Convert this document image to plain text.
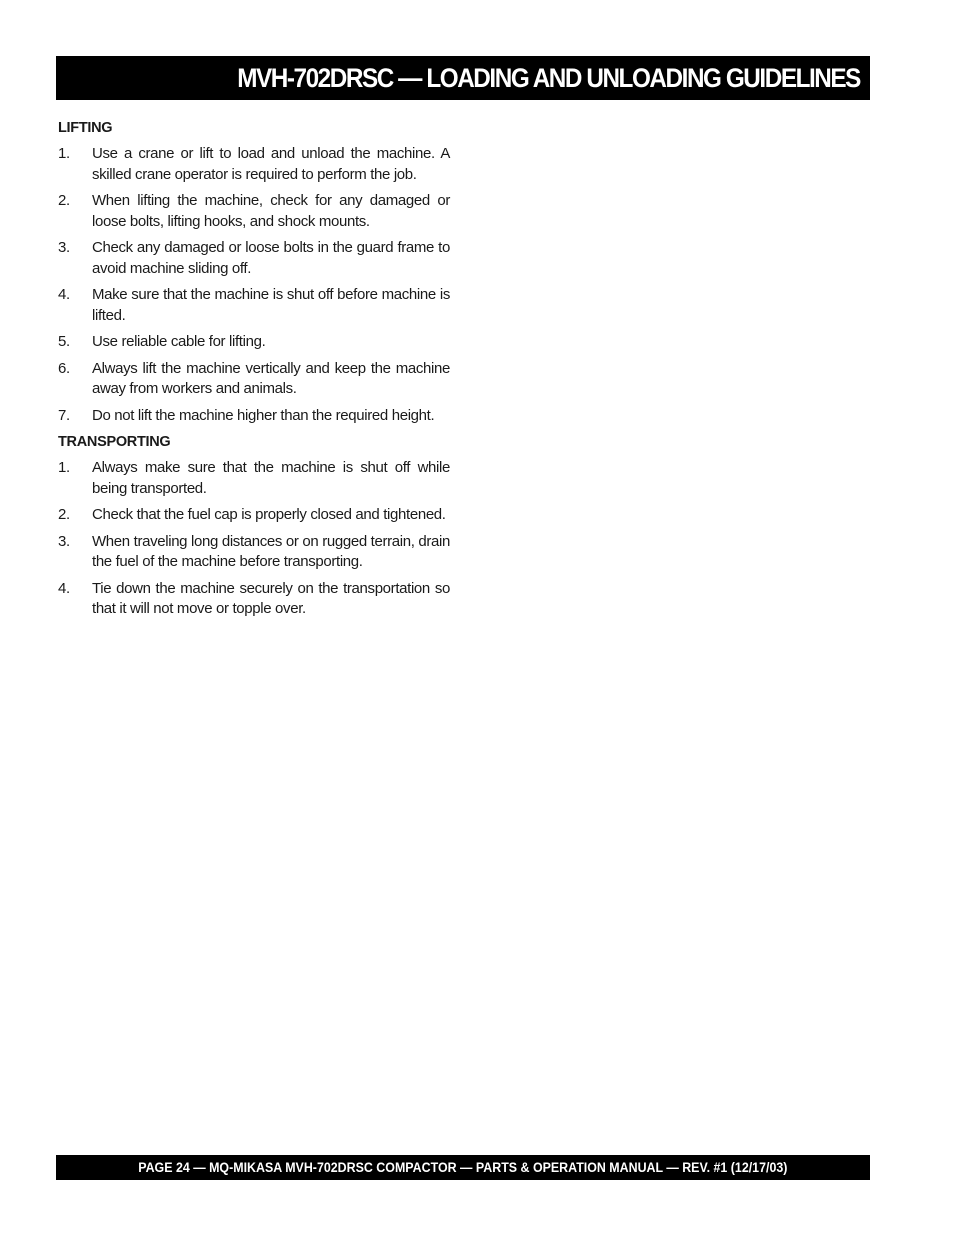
MVH-702DRSC — LOADING AND UNLOADING GUIDELINES
LIFTING
1.	Use a crane or lift to load and unload the machine. A skilled crane operator is required to perform the job.
2.	When lifting the machine, check for any damaged or loose bolts, lifting hooks, and shock mounts.
3.	Check any damaged or loose bolts in the guard frame to avoid machine sliding off.
4.	Make sure that the machine is shut off before machine is lifted.
5.	Use reliable cable for lifting.
6.	Always lift the machine vertically and keep the machine away from workers and animals.
7.	Do not lift the machine higher than the required height.
TRANSPORTING
1.	Always make sure that the machine is shut off while being transported.
2.	Check that the fuel cap is properly closed and tightened.
3.	When traveling long distances or on rugged terrain, drain the fuel of the machine before transporting.
4.	Tie down the machine securely on the transportation so that it will not move or topple over.
PAGE 24 — MQ-MIKASA MVH-702DRSC COMPACTOR — PARTS & OPERATION MANUAL — REV. #1 (12/17/03)
